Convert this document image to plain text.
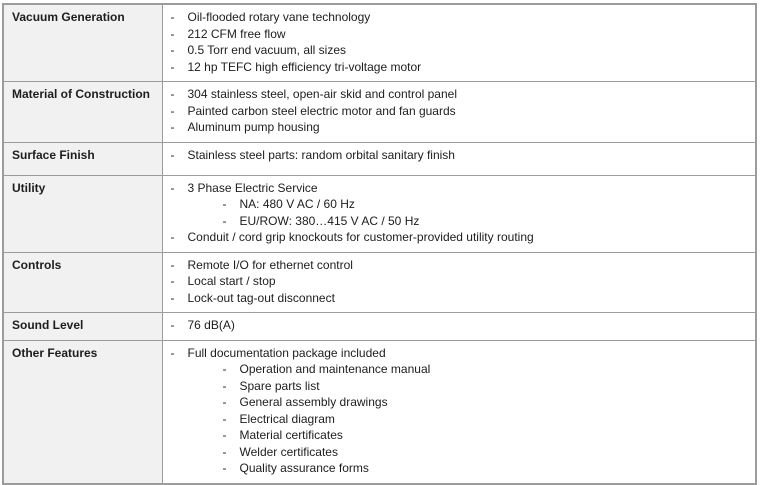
Vacuum Generation	-	Oil-flooded rotary vane technology
-	212 CFM free flow
-	0.5 Torr end vacuum, all sizes
-	12 hp TEFC high efficiency tri-voltage motor

Material of Construction	-	304 stainless steel, open-air skid and control panel
-	Painted carbon steel electric motor and fan guards
-	Aluminum pump housing

Surface Finish	-	Stainless steel parts: random orbital sanitary finish

Utility	-	3 Phase Electric Service
-	NA: 480 V AC / 60 Hz
-	EU/ROW: 380…415 V AC / 50 Hz
-	Conduit / cord grip knockouts for customer-provided utility routing

Controls	-	Remote I/O for ethernet control
-	Local start / stop
-	Lock-out tag-out disconnect

Sound Level	-	76 dB(A)

Other Features	-	Full documentation package included
-	Operation and maintenance manual
-	Spare parts list
-	General assembly drawings
-	Electrical diagram
-	Material certificates
-	Welder certificates
-	Quality assurance forms
